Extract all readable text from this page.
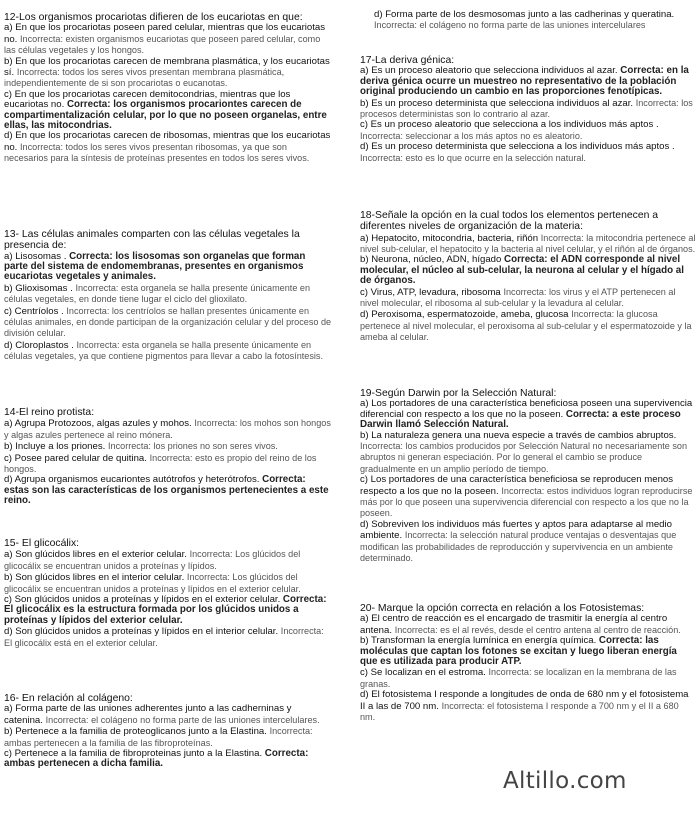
12-Los organismos procariotas difieren de los eucariotas en que:

a) En que los procariotas poseen pared celular, mientras que los eucariotas no. Incorrecta: existen organismos eucariotas que poseen pared celular, como las células vegetales y los hongos.

b) En que los procariotas carecen de membrana plasmática, y los eucariotas sí. Incorrecta: todos los seres vivos presentan membrana plasmática, independientemente de si son procariotas o eucanotas.

c) En que los procariotas carecen demitocondrias, mientras que los eucariotas no. Correcta: los organismos procariontes carecen de compartimentalización celular, por lo que no poseen organelas, entre ellas, las mitocondrias.

d) En que los procariotas carecen de ribosomas, mientras que los eucariotas no. Incorrecta: todos los seres vivos presentan ribosomas, ya que son necesarios para la síntesis de proteínas presentes en todos los seres vivos.

13- Las células animales comparten con las células vegetales la presencia de:

a) Lisosomas . Correcta: los lisosomas son organelas que forman parte del sistema de endomembranas, presentes en organismos eucariotas vegetales y animales.

b) Glioxisomas . Incorrecta: esta organela se halla presente únicamente en células vegetales, en donde tiene lugar el ciclo del glioxilato.

c) Centríolos . Incorrecta: los centríolos se hallan presentes únicamente en células animales, en donde participan de la organización celular y del proceso de división celular.

d) Cloroplastos . Incorrecta: esta organela se halla presente únicamente en células vegetales, ya que contiene pigmentos para llevar a cabo la fotosíntesis.

14-El reino protista:

a) Agrupa Protozoos, algas azules y mohos. Incorrecta: los mohos son hongos y algas azules pertenece al reino mónera.

b) Incluye a los priones. Incorrecta: los priones no son seres vivos.

c) Posee pared celular de quitina. Incorrecta: esto es propio del reino de los hongos.

d) Agrupa organismos eucariontes autótrofos y heterótrofos. Correcta: estas son las características de los organismos pertenecientes a este reino.

15- El glicocálix:

a) Son glúcidos libres en el exterior celular. Incorrecta: Los glúcidos del glicocálix se encuentran unidos a proteínas y lípidos.

b) Son glúcidos libres en el interior celular. Incorrecta: Los glúcidos del glicocálix se encuentran unidos a proteínas y lípidos en el exterior celular.

c) Son glúcidos unidos a proteínas y lípidos en el exterior celular. Correcta: El glicocálix es la estructura formada por los glúcidos unidos a proteínas y lípidos del exterior celular.

d) Son glúcidos unidos a proteínas y lípidos en el interior celular. Incorrecta: El glicocálix está en el exterior celular.

16- En relación al colágeno:

a) Forma parte de las uniones adherentes junto a las cadherninas y catenina. Incorrecta: el colágeno no forma parte de las uniones intercelulares.

b) Pertenece a la familia de proteoglicanos junto a la Elastina. Incorrecta: ambas pertenecen a la familia de las fibroproteínas.

c) Pertenece a la familia de fibroproteinas junto a la Elastina. Correcta: ambas pertenecen a dicha familia.

d) Forma parte de los desmosomas junto a las cadherinas y queratina. Incorrecta: el colágeno no forma parte de las uniones intercelulares

17-La deriva génica:

a) Es un proceso aleatorio que selecciona individuos al azar. Correcta: en la deriva génica ocurre un muestreo no representativo de la población original produciendo un cambio en las proporciones fenotípicas.

b) Es un proceso determinista que selecciona individuos al azar. Incorrecta: los procesos deterministas son lo contrario al azar.

c) Es un proceso aleatorio que selecciona a los individuos más aptos . Incorrecta: seleccionar a los más aptos no es aleatorio.

d) Es un proceso determinista que selecciona a los individuos más aptos . Incorrecta: esto es lo que ocurre en la selección natural.

18-Señale la opción en la cual todos los elementos pertenecen a diferentes niveles de organización de la materia:

a) Hepatocito, mitocondria, bacteria, riñón Incorrecta: la mitocondria pertenece al nivel sub-celular, el hepatocito y la bacteria al nivel celular, y el riñón al de órganos.

b) Neurona, núcleo, ADN, hígado Correcta: el ADN corresponde al nivel molecular, el núcleo al sub-celular, la neurona al celular y el hígado al de órganos.

c) Virus, ATP, levadura, ribosoma Incorrecta: los virus y el ATP pertenecen al nivel molecular, el ribosoma al sub-celular y la levadura al celular.

d) Peroxisoma, espermatozoide, ameba, glucosa Incorrecta: la glucosa pertenece al nivel molecular, el peroxisoma al sub-celular y el espermatozoide y la ameba al celular.

19-Según Darwin por la Selección Natural:

a) Los portadores de una característica beneficiosa poseen una supervivencia diferencial con respecto a los que no la poseen. Correcta: a este proceso Darwin llamó Selección Natural.

b) La naturaleza genera una nueva especie a través de cambios abruptos. Incorrecta: los cambios producidos por Selección Natural no necesariamente son abruptos ni generan especiación. Por lo general el cambio se produce gradualmente en un amplio período de tiempo.

c) Los portadores de una característica beneficiosa se reproducen menos respecto a los que no la poseen. Incorrecta: estos individuos logran reproducirse más por lo que poseen una supervivencia diferencial con respecto a los que no la poseen.

d) Sobreviven los individuos más fuertes y aptos para adaptarse al medio ambiente. Incorrecta: la selección natural produce ventajas o desventajas que modifican las probabilidades de reproducción y supervivencia en un ambiente determinado.

20- Marque la opción correcta en relación a los Fotosistemas:

a) El centro de reacción es el encargado de trasmitir la energía al centro antena. Incorrecta: es el al revés, desde el centro antena al centro de reacción.

b) Transforman la energía lumínica en energía química. Correcta: las moléculas que captan los fotones se excitan y luego liberan energía que es utilizada para producir ATP.

c) Se localizan en el estroma. Incorrecta: se localizan en la membrana de las granas.

d) El fotosistema I responde a longitudes de onda de 680 nm y el fotosistema II a las de 700 nm. Incorrecta: el fotosistema I responde a 700 nm y el II a 680 nm.

Altillo.com
